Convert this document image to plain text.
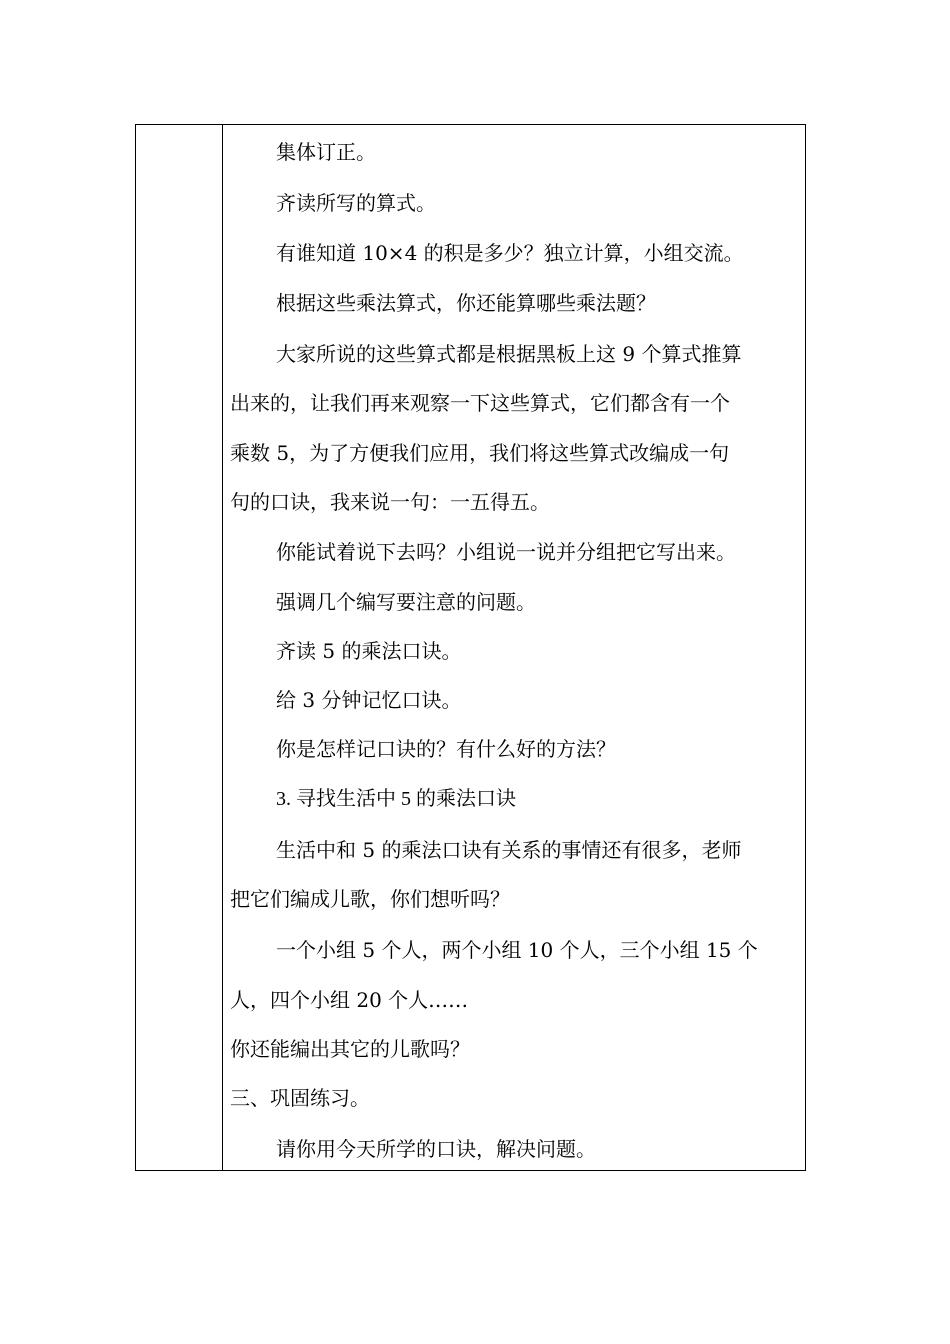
集体订正。
齐读所写的算式。
有谁知道 10×4 的积是多少？独立计算，小组交流。
根据这些乘法算式，你还能算哪些乘法题？
大家所说的这些算式都是根据黑板上这 9 个算式推算
出来的，让我们再来观察一下这些算式，它们都含有一个
乘数 5，为了方便我们应用，我们将这些算式改编成一句
句的口诀，我来说一句：一五得五。
你能试着说下去吗？小组说一说并分组把它写出来。
强调几个编写要注意的问题。
齐读 5 的乘法口诀。
给 3 分钟记忆口诀。
你是怎样记口诀的？有什么好的方法？
3. 寻找生活中 5 的乘法口诀
生活中和 5 的乘法口诀有关系的事情还有很多，老师
把它们编成儿歌，你们想听吗？
一个小组 5 个人，两个小组 10 个人，三个小组 15 个
人，四个小组 20 个人……
你还能编出其它的儿歌吗？
三、巩固练习。
请你用今天所学的口诀，解决问题。
